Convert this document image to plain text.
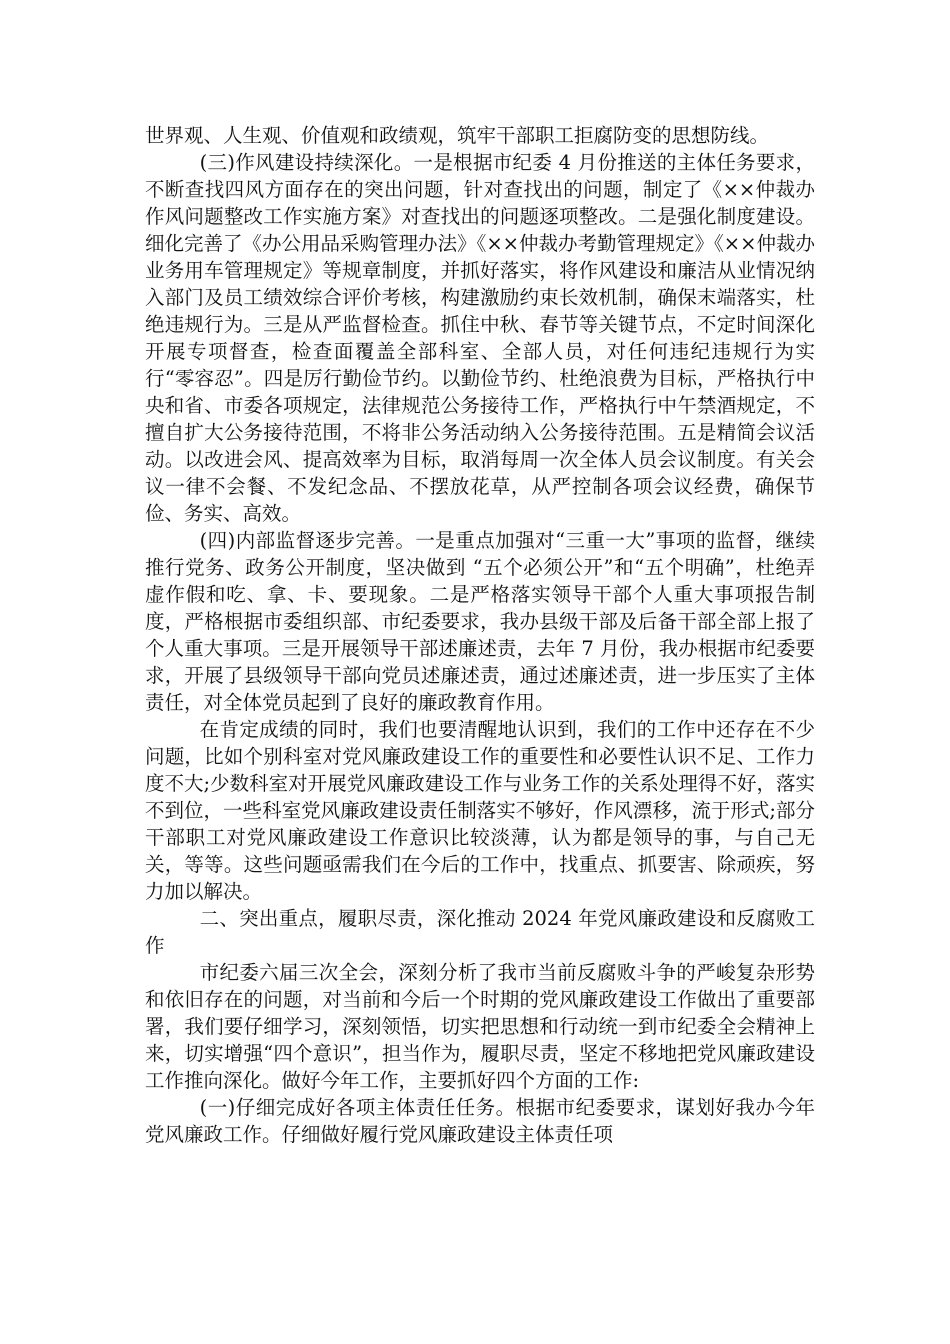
世界观、人生观、价值观和政绩观，筑牢干部职工拒腐防变的思想防线。

(三)作风建设持续深化。一是根据市纪委 4 月份推送的主体任务要求，不断查找四风方面存在的突出问题，针对查找出的问题，制定了《××仲裁办作风问题整改工作实施方案》对查找出的问题逐项整改。二是强化制度建设。细化完善了《办公用品采购管理办法》《××仲裁办考勤管理规定》《××仲裁办业务用车管理规定》等规章制度，并抓好落实，将作风建设和廉洁从业情况纳入部门及员工绩效综合评价考核，构建激励约束长效机制，确保末端落实，杜绝违规行为。三是从严监督检查。抓住中秋、春节等关键节点，不定时间深化开展专项督查，检查面覆盖全部科室、全部人员，对任何违纪违规行为实行“零容忍”。四是厉行勤俭节约。以勤俭节约、杜绝浪费为目标，严格执行中央和省、市委各项规定，法律规范公务接待工作，严格执行中午禁酒规定，不擅自扩大公务接待范围，不将非公务活动纳入公务接待范围。五是精简会议活动。以改进会风、提高效率为目标，取消每周一次全体人员会议制度。有关会议一律不会餐、不发纪念品、不摆放花草，从严控制各项会议经费，确保节俭、务实、高效。

(四)内部监督逐步完善。一是重点加强对“三重一大”事项的监督，继续推行党务、政务公开制度，坚决做到 “五个必须公开”和“五个明确”，杜绝弄虚作假和吃、拿、卡、要现象。二是严格落实领导干部个人重大事项报告制度，严格根据市委组织部、市纪委要求，我办县级干部及后备干部全部上报了个人重大事项。三是开展领导干部述廉述责，去年 7 月份，我办根据市纪委要求，开展了县级领导干部向党员述廉述责，通过述廉述责，进一步压实了主体责任，对全体党员起到了良好的廉政教育作用。

在肯定成绩的同时，我们也要清醒地认识到，我们的工作中还存在不少问题，比如个别科室对党风廉政建设工作的重要性和必要性认识不足、工作力度不大;少数科室对开展党风廉政建设工作与业务工作的关系处理得不好，落实不到位，一些科室党风廉政建设责任制落实不够好，作风漂移，流于形式;部分干部职工对党风廉政建设工作意识比较淡薄，认为都是领导的事，与自己无关，等等。这些问题亟需我们在今后的工作中，找重点、抓要害、除顽疾，努力加以解决。

二、突出重点，履职尽责，深化推动 2024 年党风廉政建设和反腐败工作

市纪委六届三次全会，深刻分析了我市当前反腐败斗争的严峻复杂形势和依旧存在的问题，对当前和今后一个时期的党风廉政建设工作做出了重要部署，我们要仔细学习，深刻领悟，切实把思想和行动统一到市纪委全会精神上来，切实增强“四个意识”，担当作为，履职尽责，坚定不移地把党风廉政建设工作推向深化。做好今年工作，主要抓好四个方面的工作:

(一)仔细完成好各项主体责任任务。根据市纪委要求，谋划好我办今年党风廉政工作。仔细做好履行党风廉政建设主体责任项
